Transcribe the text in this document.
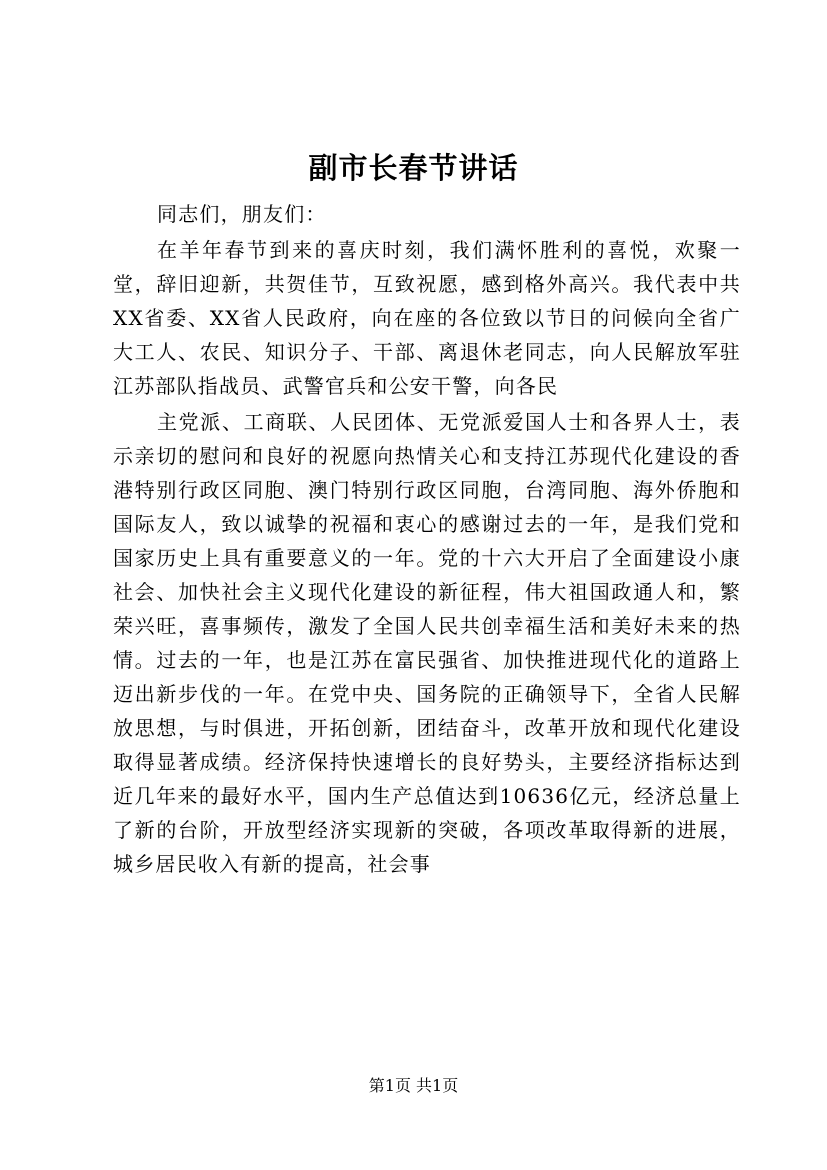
副市长春节讲话

同志们，朋友们：

在羊年春节到来的喜庆时刻，我们满怀胜利的喜悦，欢聚一堂，辞旧迎新，共贺佳节，互致祝愿，感到格外高兴。我代表中共XX省委、XX省人民政府，向在座的各位致以节日的问候向全省广大工人、农民、知识分子、干部、离退休老同志，向人民解放军驻江苏部队指战员、武警官兵和公安干警，向各民

主党派、工商联、人民团体、无党派爱国人士和各界人士，表示亲切的慰问和良好的祝愿向热情关心和支持江苏现代化建设的香港特别行政区同胞、澳门特别行政区同胞，台湾同胞、海外侨胞和国际友人，致以诚挚的祝福和衷心的感谢过去的一年，是我们党和国家历史上具有重要意义的一年。党的十六大开启了全面建设小康社会、加快社会主义现代化建设的新征程，伟大祖国政通人和，繁荣兴旺，喜事频传，激发了全国人民共创幸福生活和美好未来的热情。过去的一年，也是江苏在富民强省、加快推进现代化的道路上迈出新步伐的一年。在党中央、国务院的正确领导下，全省人民解放思想，与时俱进，开拓创新，团结奋斗，改革开放和现代化建设取得显著成绩。经济保持快速增长的良好势头，主要经济指标达到近几年来的最好水平，国内生产总值达到10636亿元，经济总量上了新的台阶，开放型经济实现新的突破，各项改革取得新的进展，城乡居民收入有新的提高，社会事

第1页 共1页
